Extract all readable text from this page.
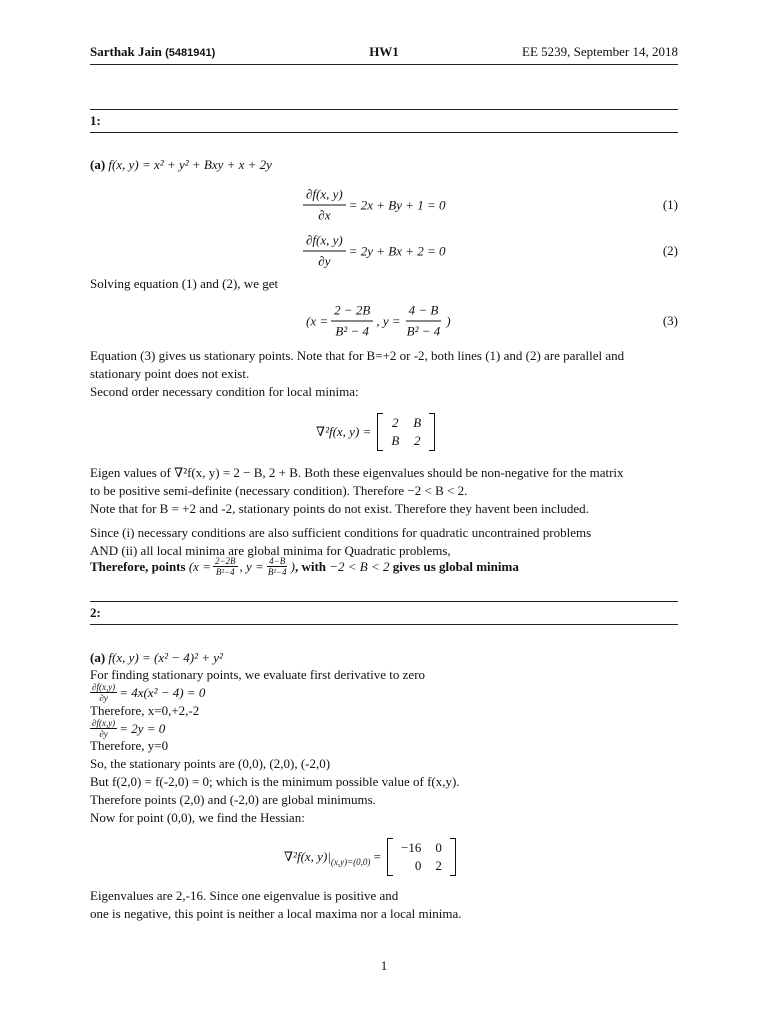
Sarthak Jain (5481941)	HW1	EE 5239, September 14, 2018
1:
(a) f(x, y) = x² + y² + Bxy + x + 2y
$\frac{\partial f(x, y)}{\partial x} = 2x + By + 1 = 0$	(1)
$\frac{\partial f(x, y)}{\partial y} = 2y + Bx + 2 = 0$	(2)
Solving equation (1) and (2), we get
($x = \frac{2 - 2B}{\text{B² − 4}}$ , $y = \frac{4 - B}{\text{B² − 4}}$ )	(3)
Equation (3) gives us stationary points. Note that for B=+2 or -2, both lines (1) and (2) are parallel and
stationary point does not exist.
Second order necessary condition for local minima:
∇²f(x, y) =
2 B
B 2
Eigen values of ∇²f(x, y) = 2 − B, 2 + B. Both these eigenvalues should be non-negative for the matrix
to be positive semi-definite (necessary condition). Therefore −2 < B < 2.
Note that for B = +2 and -2, stationary points do not exist. Therefore they havent been included.
Since (i) necessary conditions are also sufficient conditions for quadratic uncontrained problems
AND (ii) all local minima are global minima for Quadratic problems,
Therefore, points
($x = \frac{2-2B}{\text{B²−4}}$ , $y = \frac{4-B}{\text{B²−4}}$ ) , with
−2 < B < 2
gives us global minima
2:
(a) f(x, y) = (x² − 4)² + y²
For finding stationary points, we evaluate first derivative to zero
$\frac{\partial f(x,y)}{\partial y} = 4x(x^2 - 4) = 0$
Therefore, x=0,+2,-2
$\frac{\partial f(x,y)}{\partial y} = 2y = 0$
Therefore, y=0
So, the stationary points are (0,0), (2,0), (-2,0)
But f(2,0) = f(-2,0) = 0; which is the minimum possible value of f(x,y).
Therefore points (2,0) and (-2,0) are global minimums.
Now for point (0,0), we find the Hessian:
∇²f(x, y)| (x,y)=(0,0)
=
−16 0
0 2
Eigenvalues are 2,-16. Since one eigenvalue is positive and
one is negative, this point is neither a local maxima nor a local minima.
1
